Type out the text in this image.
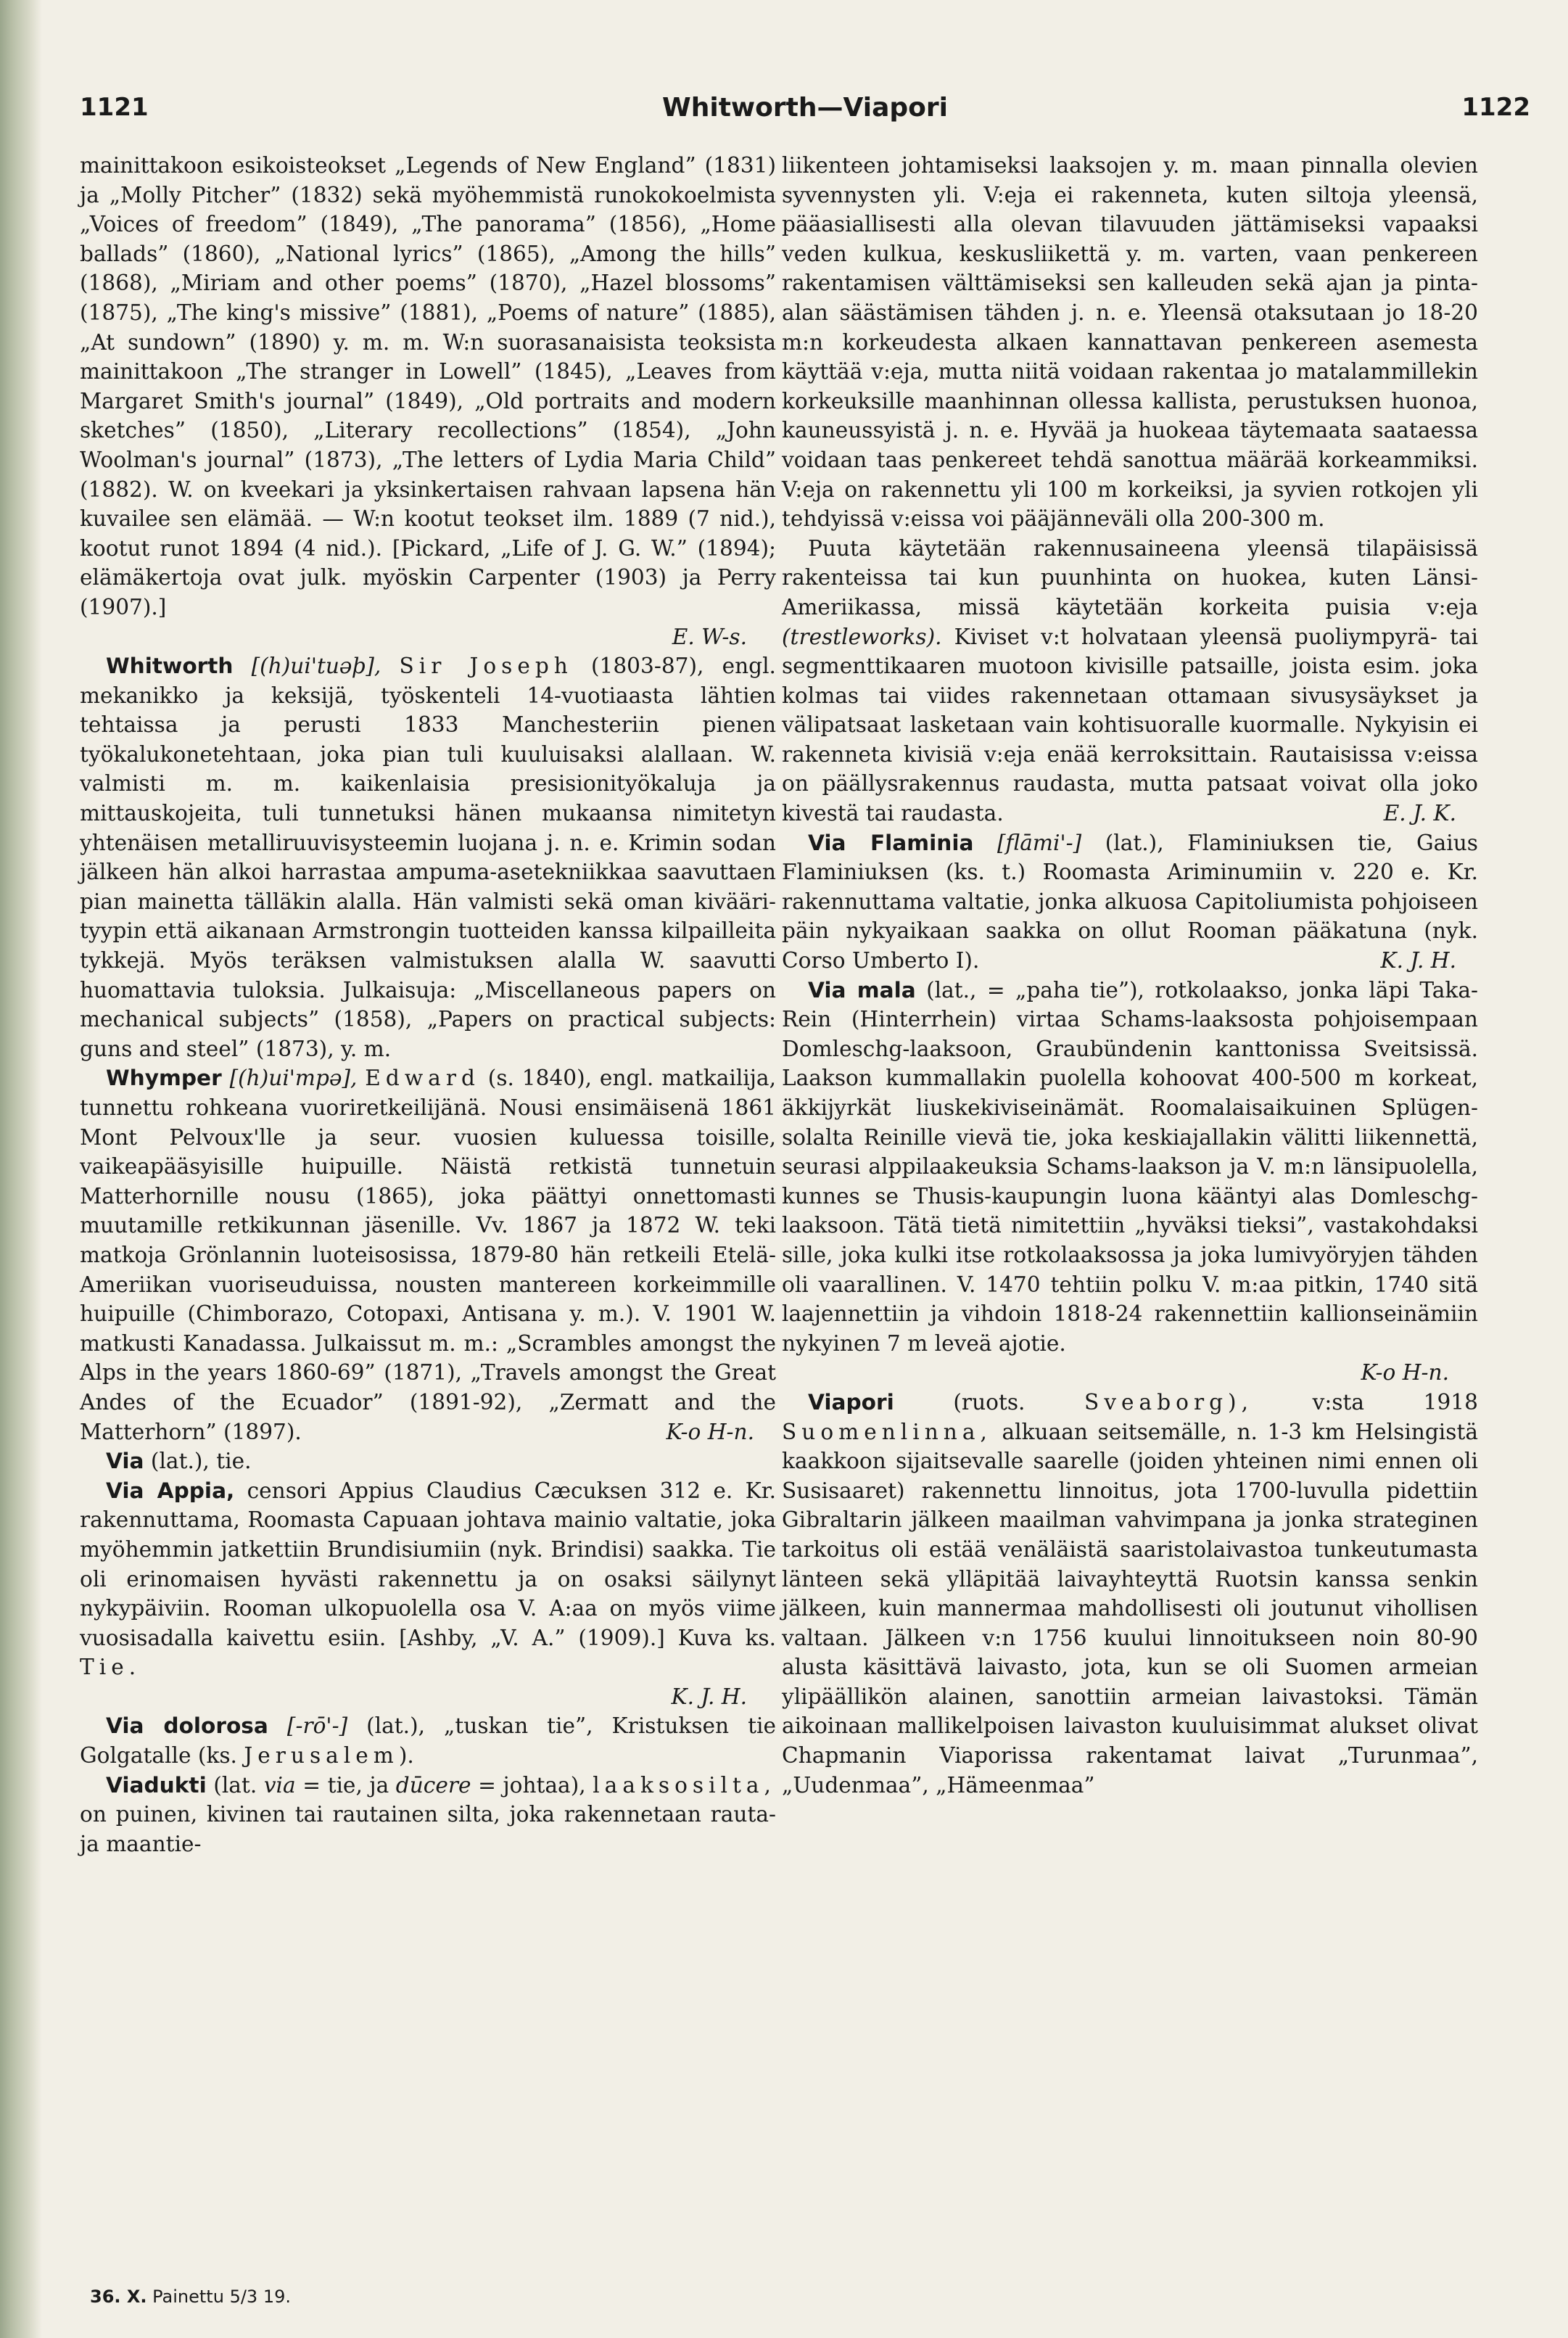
1121	Whitworth—Viapori	1122

mainittakoon esikoisteokset „Legends of New England” (1831) ja „Molly Pitcher” (1832) sekä myöhemmistä runokokoelmista „Voices of freedom” (1849), „The panorama” (1856), „Home ballads” (1860), „National lyrics” (1865), „Among the hills” (1868), „Miriam and other poems” (1870), „Hazel blossoms” (1875), „The king's missive” (1881), „Poems of nature” (1885), „At sundown” (1890) y. m. m. W:n suorasanaisista teoksista mainittakoon „The stranger in Lowell” (1845), „Leaves from Margaret Smith's journal” (1849), „Old portraits and modern sketches” (1850), „Literary recollections” (1854), „John Woolman's journal” (1873), „The letters of Lydia Maria Child” (1882). W. on kveekari ja yksinkertaisen rahvaan lapsena hän kuvailee sen elämää. — W:n kootut teokset ilm. 1889 (7 nid.), kootut runot 1894 (4 nid.). [Pickard, „Life of J. G. W.” (1894); elämäkertoja ovat julk. myöskin Carpenter (1903) ja Perry (1907).]
E. W-s.

Whitworth [(h)ui'tuəþ], Sir Joseph (1803-87), engl. mekanikko ja keksijä, työskenteli 14-vuotiaasta lähtien tehtaissa ja perusti 1833 Manchesteriin pienen työkalukonetehtaan, joka pian tuli kuuluisaksi alallaan. W. valmisti m. m. kaikenlaisia presisionityökaluja ja mittauskojeita, tuli tunnetuksi hänen mukaansa nimitetyn yhtenäisen metalliruuvisysteemin luojana j. n. e. Krimin sodan jälkeen hän alkoi harrastaa ampuma-asetekniikkaa saavuttaen pian mainetta tälläkin alalla. Hän valmisti sekä oman kivääri-tyypin että aikanaan Armstrongin tuotteiden kanssa kilpailleita tykkejä. Myös teräksen valmistuksen alalla W. saavutti huomattavia tuloksia. Julkaisuja: „Miscellaneous papers on mechanical subjects” (1858), „Papers on practical subjects: guns and steel” (1873), y. m.

Whymper [(h)ui'mpə], Edward (s. 1840), engl. matkailija, tunnettu rohkeana vuoriretkeilijänä. Nousi ensimäisenä 1861 Mont Pelvoux'lle ja seur. vuosien kuluessa toisille, vaikeapääsyisille huipuille. Näistä retkistä tunnetuin Matterhornille nousu (1865), joka päättyi onnettomasti muutamille retkikunnan jäsenille. Vv. 1867 ja 1872 W. teki matkoja Grönlannin luoteisosissa, 1879-80 hän retkeili Etelä-Ameriikan vuoriseuduissa, nousten mantereen korkeimmille huipuille (Chimborazo, Cotopaxi, Antisana y. m.). V. 1901 W. matkusti Kanadassa. Julkaissut m. m.: „Scrambles amongst the Alps in the years 1860-69” (1871), „Travels amongst the Great Andes of the Ecuador” (1891-92), „Zermatt and the Matterhorn” (1897).	K-o H-n.

Via (lat.), tie.

Via Appia, censori Appius Claudius Cæcuksen 312 e. Kr. rakennuttama, Roomasta Capuaan johtava mainio valtatie, joka myöhemmin jatkettiin Brundisiumiin (nyk. Brindisi) saakka. Tie oli erinomaisen hyvästi rakennettu ja on osaksi säilynyt nykypäiviin. Rooman ulkopuolella osa V. A:aa on myös viime vuosisadalla kaivettu esiin. [Ashby, „V. A.” (1909).] Kuva ks. Tie.
K. J. H.

Via dolorosa [-rō'-] (lat.), „tuskan tie”, Kristuksen tie Golgatalle (ks. Jerusalem).

Viadukti (lat. via = tie, ja dūcere = johtaa), laaksosilta, on puinen, kivinen tai rautainen silta, joka rakennetaan rauta- ja maantie-

liikenteen johtamiseksi laaksojen y. m. maan pinnalla olevien syvennysten yli. V:eja ei rakenneta, kuten siltoja yleensä, pääasiallisesti alla olevan tilavuuden jättämiseksi vapaaksi veden kulkua, keskusliikettä y. m. varten, vaan penkereen rakentamisen välttämiseksi sen kalleuden sekä ajan ja pinta-alan säästämisen tähden j. n. e. Yleensä otaksutaan jo 18-20 m:n korkeudesta alkaen kannattavan penkereen asemesta käyttää v:eja, mutta niitä voidaan rakentaa jo matalammillekin korkeuksille maanhinnan ollessa kallista, perustuksen huonoa, kauneussyistä j. n. e. Hyvää ja huokeaa täytemaata saataessa voidaan taas penkereet tehdä sanottua määrää korkeammiksi. V:eja on rakennettu yli 100 m korkeiksi, ja syvien rotkojen yli tehdyissä v:eissa voi pääjänneväli olla 200-300 m.

Puuta käytetään rakennusaineena yleensä tilapäisissä rakenteissa tai kun puunhinta on huokea, kuten Länsi-Ameriikassa, missä käytetään korkeita puisia v:eja (trestleworks). Kiviset v:t holvataan yleensä puoliympyrä- tai segmenttikaaren muotoon kivisille patsaille, joista esim. joka kolmas tai viides rakennetaan ottamaan sivusysäykset ja välipatsaat lasketaan vain kohtisuoralle kuormalle. Nykyisin ei rakenneta kivisiä v:eja enää kerroksittain. Rautaisissa v:eissa on päällysrakennus raudasta, mutta patsaat voivat olla joko kivestä tai raudasta.	E. J. K.

Via Flaminia [flāmi'-] (lat.), Flaminiuksen tie, Gaius Flaminiuksen (ks. t.) Roomasta Ariminumiin v. 220 e. Kr. rakennuttama valtatie, jonka alkuosa Capitoliumista pohjoiseen päin nykyaikaan saakka on ollut Rooman pääkatuna (nyk. Corso Umberto I).	K. J. H.

Via mala (lat., = „paha tie”), rotkolaakso, jonka läpi Taka-Rein (Hinterrhein) virtaa Schams-laaksosta pohjoisempaan Domleschg-laaksoon, Graubündenin kanttonissa Sveitsissä. Laakson kummallakin puolella kohoovat 400-500 m korkeat, äkkijyrkät liuskekiviseinämät. Roomalaisaikuinen Splügen-solalta Reinille vievä tie, joka keskiajallakin välitti liikennettä, seurasi alppilaakeuksia Schams-laakson ja V. m:n länsipuolella, kunnes se Thusis-kaupungin luona kääntyi alas Domleschg-laaksoon. Tätä tietä nimitettiin „hyväksi tieksi”, vastakohdaksi sille, joka kulki itse rotkolaaksossa ja joka lumivyöryjen tähden oli vaarallinen. V. 1470 tehtiin polku V. m:aa pitkin, 1740 sitä laajennettiin ja vihdoin 1818-24 rakennettiin kallionseinämiin nykyinen 7 m leveä ajotie.
K-o H-n.

Viapori	(ruots.	Sveaborg),	v:sta 1918 Suomenlinna, alkuaan seitsemälle, n. 1-3 km Helsingistä kaakkoon sijaitsevalle saarelle (joiden yhteinen nimi ennen oli Susisaaret) rakennettu linnoitus, jota 1700-luvulla pidettiin Gibraltarin jälkeen maailman vahvimpana ja jonka strateginen tarkoitus oli estää venäläistä saaristolaivastoa tunkeutumasta länteen sekä ylläpitää laivayhteyttä Ruotsin kanssa senkin jälkeen, kuin mannermaa mahdollisesti oli joutunut vihollisen valtaan. Jälkeen v:n 1756 kuului linnoitukseen noin 80-90 alusta käsittävä laivasto, jota, kun se oli Suomen armeian ylipäällikön alainen, sanottiin armeian laivastoksi. Tämän aikoinaan mallikelpoisen laivaston kuuluisimmat alukset olivat Chapmanin Viaporissa rakentamat laivat „Turunmaa”, „Uudenmaa”, „Hämeenmaa”

36. X. Painettu 5/3 19.
